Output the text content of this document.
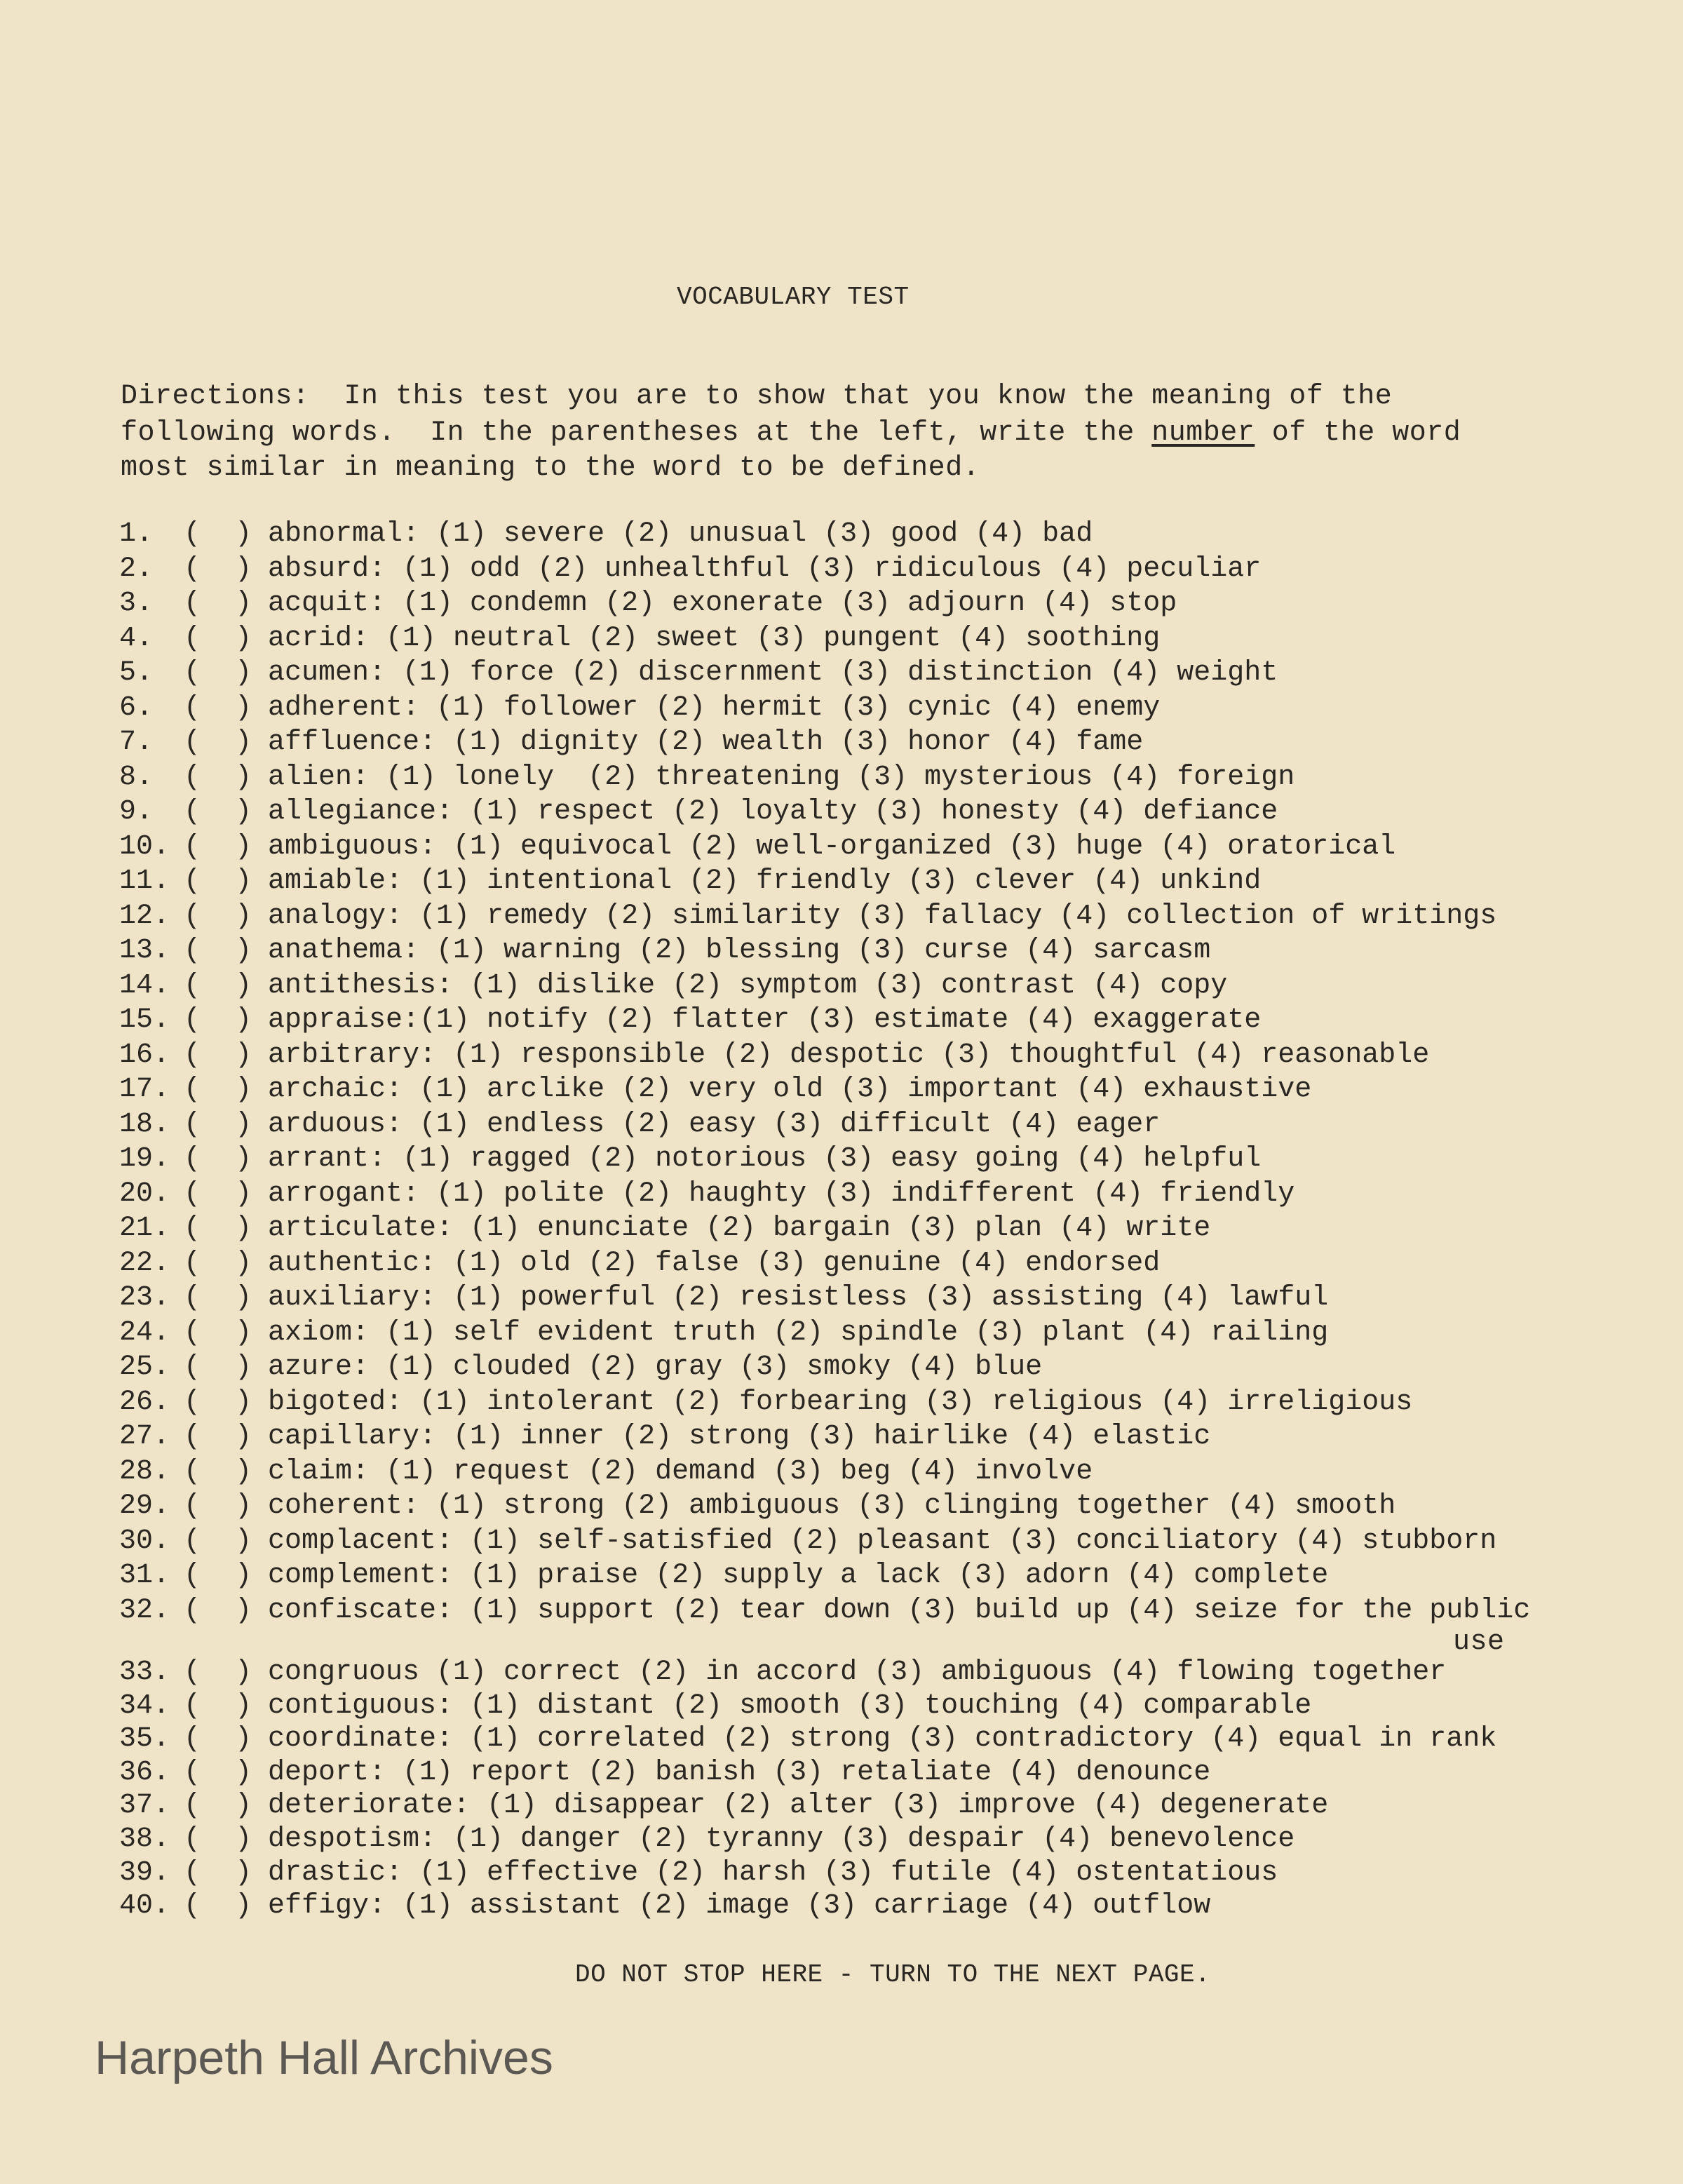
VOCABULARY TEST
Directions:  In this test you are to show that you know the meaning of the
following words.  In the parentheses at the left, write the number of the word
most similar in meaning to the word to be defined.
1. ( ) abnormal: (1) severe (2) unusual (3) good (4) bad
2. ( ) absurd: (1) odd (2) unhealthful (3) ridiculous (4) peculiar
3. ( ) acquit: (1) condemn (2) exonerate (3) adjourn (4) stop
4. ( ) acrid: (1) neutral (2) sweet (3) pungent (4) soothing
5. ( ) acumen: (1) force (2) discernment (3) distinction (4) weight
6. ( ) adherent: (1) follower (2) hermit (3) cynic (4) enemy
7. ( ) affluence: (1) dignity (2) wealth (3) honor (4) fame
8. ( ) alien: (1) lonely  (2) threatening (3) mysterious (4) foreign
9. ( ) allegiance: (1) respect (2) loyalty (3) honesty (4) defiance
10. ( ) ambiguous: (1) equivocal (2) well-organized (3) huge (4) oratorical
11. ( ) amiable: (1) intentional (2) friendly (3) clever (4) unkind
12. ( ) analogy: (1) remedy (2) similarity (3) fallacy (4) collection of writings
13. ( ) anathema: (1) warning (2) blessing (3) curse (4) sarcasm
14. ( ) antithesis: (1) dislike (2) symptom (3) contrast (4) copy
15. ( ) appraise:(1) notify (2) flatter (3) estimate (4) exaggerate
16. ( ) arbitrary: (1) responsible (2) despotic (3) thoughtful (4) reasonable
17. ( ) archaic: (1) arclike (2) very old (3) important (4) exhaustive
18. ( ) arduous: (1) endless (2) easy (3) difficult (4) eager
19. ( ) arrant: (1) ragged (2) notorious (3) easy going (4) helpful
20. ( ) arrogant: (1) polite (2) haughty (3) indifferent (4) friendly
21. ( ) articulate: (1) enunciate (2) bargain (3) plan (4) write
22. ( ) authentic: (1) old (2) false (3) genuine (4) endorsed
23. ( ) auxiliary: (1) powerful (2) resistless (3) assisting (4) lawful
24. ( ) axiom: (1) self evident truth (2) spindle (3) plant (4) railing
25. ( ) azure: (1) clouded (2) gray (3) smoky (4) blue
26. ( ) bigoted: (1) intolerant (2) forbearing (3) religious (4) irreligious
27. ( ) capillary: (1) inner (2) strong (3) hairlike (4) elastic
28. ( ) claim: (1) request (2) demand (3) beg (4) involve
29. ( ) coherent: (1) strong (2) ambiguous (3) clinging together (4) smooth
30. ( ) complacent: (1) self-satisfied (2) pleasant (3) conciliatory (4) stubborn
31. ( ) complement: (1) praise (2) supply a lack (3) adorn (4) complete
32. ( ) confiscate: (1) support (2) tear down (3) build up (4) seize for the public
33. ( ) congruous (1) correct (2) in accord (3) ambiguous (4) flowing together
34. ( ) contiguous: (1) distant (2) smooth (3) touching (4) comparable
35. ( ) coordinate: (1) correlated (2) strong (3) contradictory (4) equal in rank
36. ( ) deport: (1) report (2) banish (3) retaliate (4) denounce
37. ( ) deteriorate: (1) disappear (2) alter (3) improve (4) degenerate
38. ( ) despotism: (1) danger (2) tyranny (3) despair (4) benevolence
39. ( ) drastic: (1) effective (2) harsh (3) futile (4) ostentatious
40. ( ) effigy: (1) assistant (2) image (3) carriage (4) outflow
use
DO NOT STOP HERE - TURN TO THE NEXT PAGE.
Harpeth Hall Archives
